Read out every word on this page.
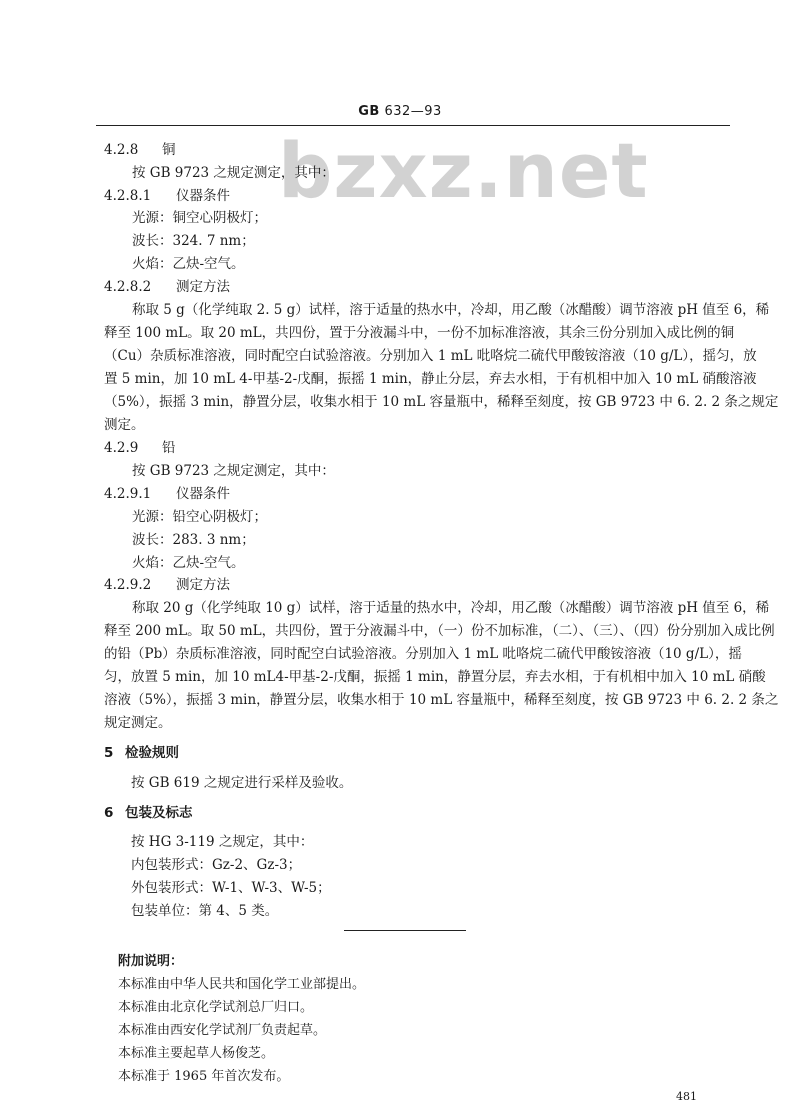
GB 632—93
bzxz.net
4.2.8 铜
按 GB 9723 之规定测定，其中：
4.2.8.1 仪器条件
光源：铜空心阴极灯；
波长：324. 7 nm；
火焰：乙炔-空气。
4.2.8.2 测定方法
称取 5 g（化学纯取 2. 5 g）试样，溶于适量的热水中，冷却，用乙酸（冰醋酸）调节溶液 pH 值至 6，稀
释至 100 mL。取 20 mL，共四份，置于分液漏斗中，一份不加标准溶液，其余三份分别加入成比例的铜
（Cu）杂质标准溶液，同时配空白试验溶液。分别加入 1 mL 吡咯烷二硫代甲酸铵溶液（10 g/L），摇匀，放
置 5 min，加 10 mL 4-甲基-2-戊酮，振摇 1 min，静止分层，弃去水相，于有机相中加入 10 mL 硝酸溶液
（5%），振摇 3 min，静置分层，收集水相于 10 mL 容量瓶中，稀释至刻度，按 GB 9723 中 6. 2. 2 条之规定
测定。
4.2.9 铅
按 GB 9723 之规定测定，其中：
4.2.9.1 仪器条件
光源：铅空心阴极灯；
波长：283. 3 nm；
火焰：乙炔-空气。
4.2.9.2 测定方法
称取 20 g（化学纯取 10 g）试样，溶于适量的热水中，冷却，用乙酸（冰醋酸）调节溶液 pH 值至 6，稀
释至 200 mL。取 50 mL，共四份，置于分液漏斗中，（一）份不加标准，（二）、（三）、（四）份分别加入成比例
的铅（Pb）杂质标准溶液，同时配空白试验溶液。分别加入 1 mL 吡咯烷二硫代甲酸铵溶液（10 g/L），摇
匀，放置 5 min，加 10 mL4-甲基-2-戊酮，振摇 1 min，静置分层，弃去水相，于有机相中加入 10 mL 硝酸
溶液（5%），振摇 3 min，静置分层，收集水相于 10 mL 容量瓶中，稀释至刻度，按 GB 9723 中 6. 2. 2 条之
规定测定。
5 检验规则
按 GB 619 之规定进行采样及验收。
6 包装及标志
按 HG 3-119 之规定，其中：
内包装形式：Gz-2、Gz-3；
外包装形式：W-1、W-3、W-5；
包装单位：第 4、5 类。
附加说明：
本标准由中华人民共和国化学工业部提出。
本标准由北京化学试剂总厂归口。
本标准由西安化学试剂厂负责起草。
本标准主要起草人杨俊芝。
本标准于 1965 年首次发布。
481
